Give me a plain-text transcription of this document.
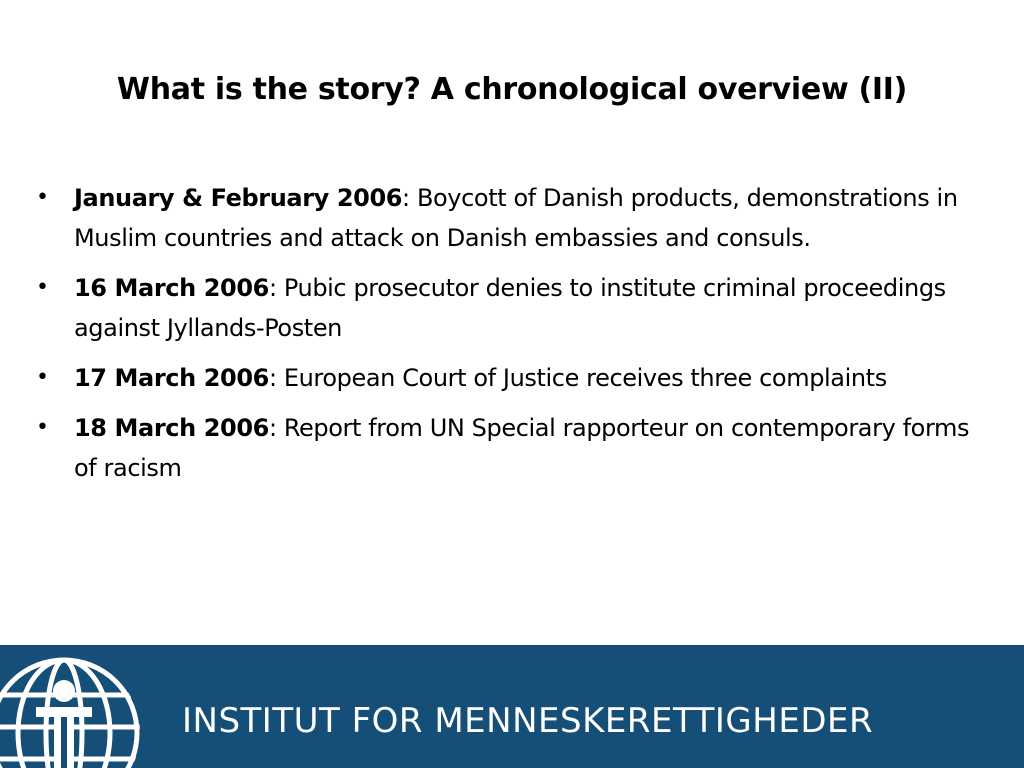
What is the story? A chronological overview (II)
• January & February 2006: Boycott of Danish products, demonstrations in Muslim countries and attack on Danish embassies and consuls.
• 16 March 2006: Pubic prosecutor denies to institute criminal proceedings against Jyllands-Posten
• 17 March 2006: European Court of Justice receives three complaints
• 18 March 2006: Report from UN Special rapporteur on contemporary forms of racism
INSTITUT FOR MENNESKERETTIGHEDER
